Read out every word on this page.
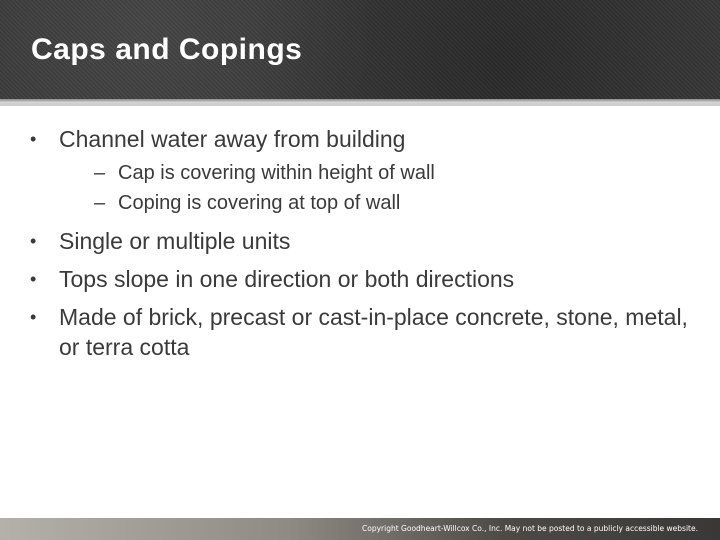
Caps and Copings
• Channel water away from building
– Cap is covering within height of wall
– Coping is covering at top of wall
• Single or multiple units
• Tops slope in one direction or both directions
• Made of brick, precast or cast-in-place concrete, stone, metal, or terra cotta
Copyright Goodheart-Willcox Co., Inc. May not be posted to a publicly accessible website.
